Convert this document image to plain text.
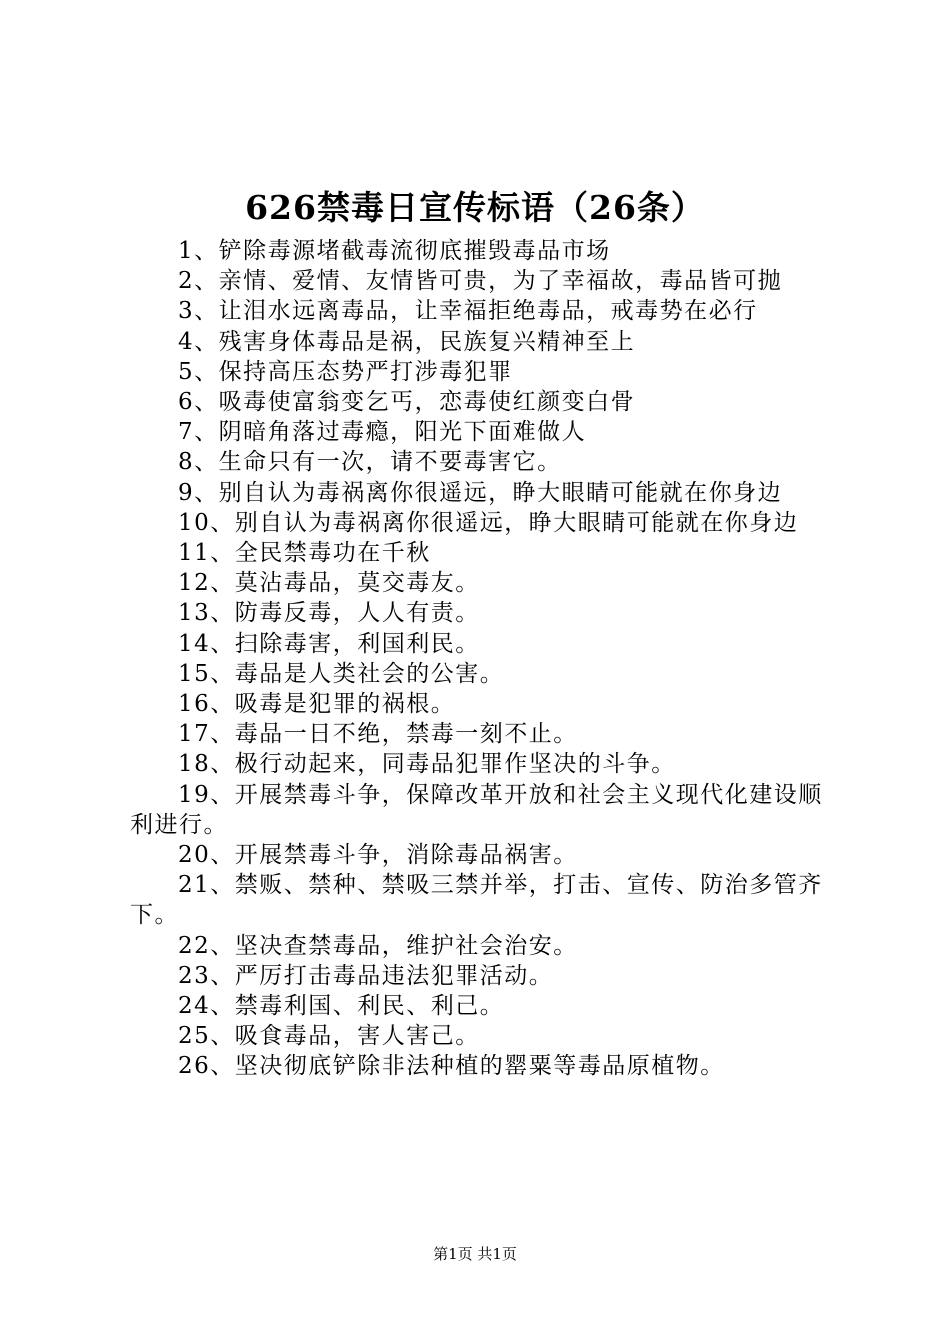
626禁毒日宣传标语（26条）

1、铲除毒源堵截毒流彻底摧毁毒品市场

2、亲情、爱情、友情皆可贵，为了幸福故，毒品皆可抛

3、让泪水远离毒品，让幸福拒绝毒品，戒毒势在必行

4、残害身体毒品是祸，民族复兴精神至上

5、保持高压态势严打涉毒犯罪

6、吸毒使富翁变乞丐，恋毒使红颜变白骨

7、阴暗角落过毒瘾，阳光下面难做人

8、生命只有一次，请不要毒害它。

9、别自认为毒祸离你很遥远，睁大眼睛可能就在你身边

10、别自认为毒祸离你很遥远，睁大眼睛可能就在你身边

11、全民禁毒功在千秋

12、莫沾毒品，莫交毒友。

13、防毒反毒，人人有责。

14、扫除毒害，利国利民。

15、毒品是人类社会的公害。

16、吸毒是犯罪的祸根。

17、毒品一日不绝，禁毒一刻不止。

18、极行动起来，同毒品犯罪作坚决的斗争。

19、开展禁毒斗争，保障改革开放和社会主义现代化建设顺利进行。

20、开展禁毒斗争，消除毒品祸害。

21、禁贩、禁种、禁吸三禁并举，打击、宣传、防治多管齐下。

22、坚决查禁毒品，维护社会治安。

23、严厉打击毒品违法犯罪活动。

24、禁毒利国、利民、利己。

25、吸食毒品，害人害己。

26、坚决彻底铲除非法种植的罂粟等毒品原植物。

第1页 共1页
